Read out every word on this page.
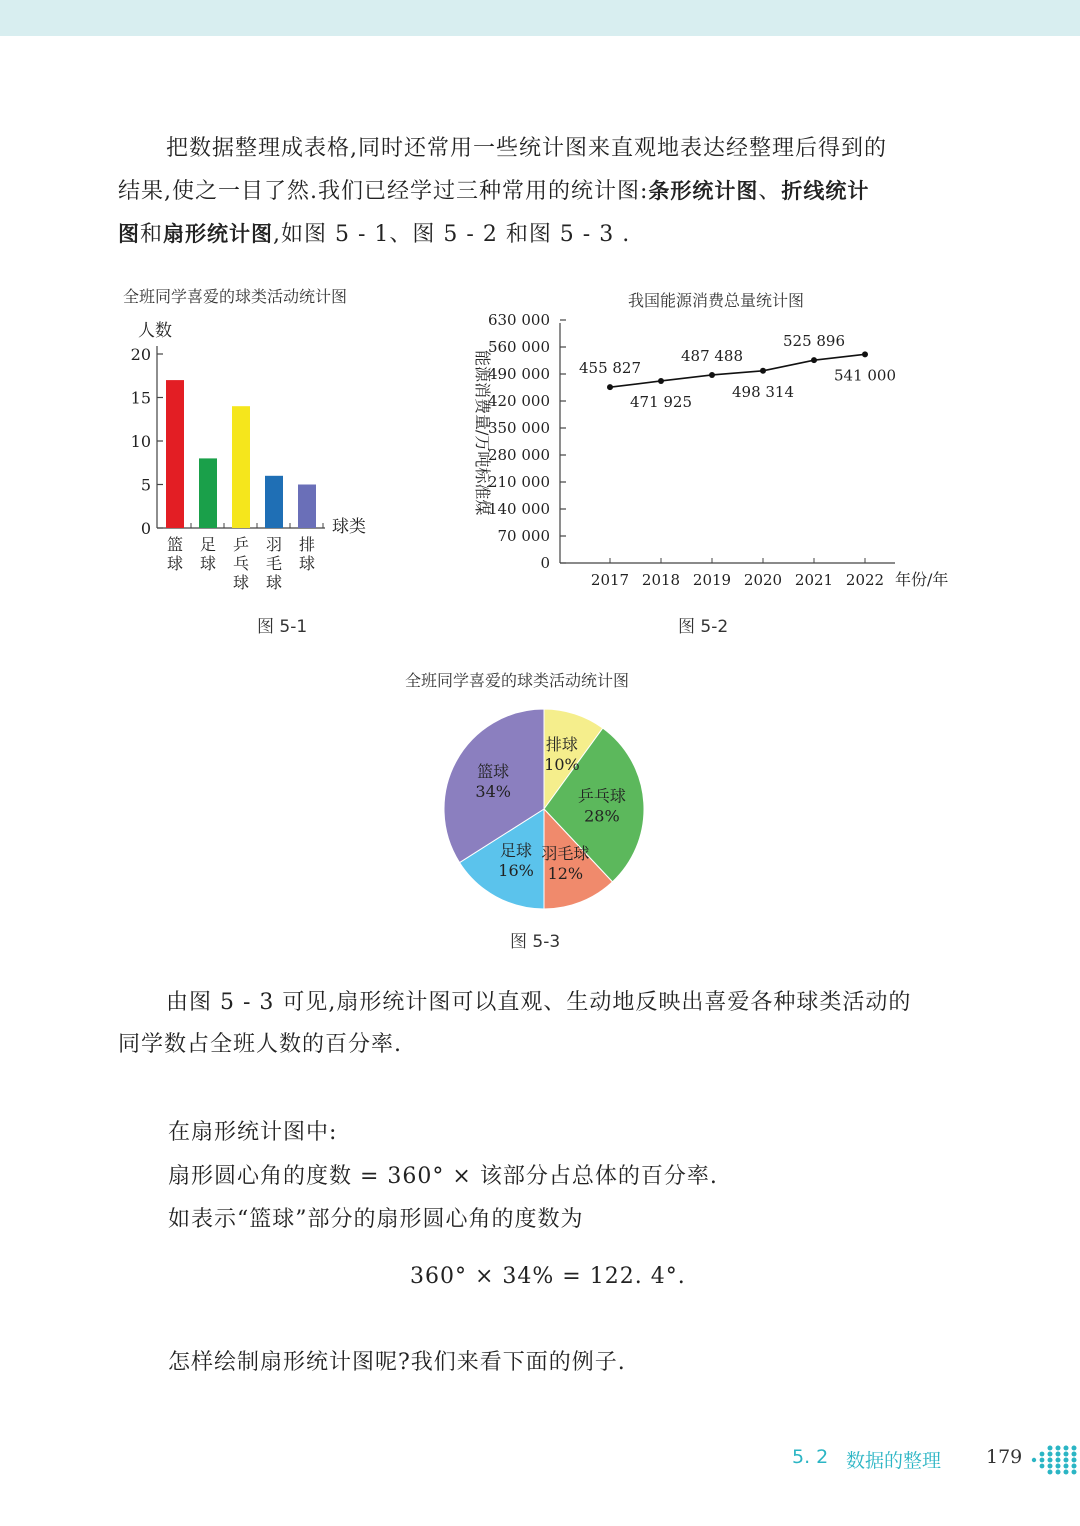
把数据整理成表格,同时还常用一些统计图来直观地表达经整理后得到的
结果,使之一目了然.我们已经学过三种常用的统计图:条形统计图、折线统计
图和扇形统计图,如图 5 - 1、图 5 - 2 和图 5 - 3 .
全班同学喜爱的球类活动统计图
人数
球类
0
5
10
15
20
篮球
足球
乒乓球
羽毛球
排球
图 5-1
我国能源消费总量统计图
能源消费量/万吨标准煤
年份/年
630 000
560 000
490 000
420 000
350 000
280 000
210 000
140 000
70 000
0
2017 2018 2019 2020 2021 2022
455 827
471 925
487 488
498 314
525 896
541 000
图 5-2
全班同学喜爱的球类活动统计图
排球 10%
乒乓球 28%
羽毛球 12%
足球 16%
篮球 34%
图 5-3
由图 5 - 3 可见,扇形统计图可以直观、生动地反映出喜爱各种球类活动的
同学数占全班人数的百分率.
在扇形统计图中:
扇形圆心角的度数 = 360° × 该部分占总体的百分率.
如表示“篮球”部分的扇形圆心角的度数为
360° × 34% = 122. 4°.
怎样绘制扇形统计图呢?我们来看下面的例子.
5. 2 数据的整理 179
